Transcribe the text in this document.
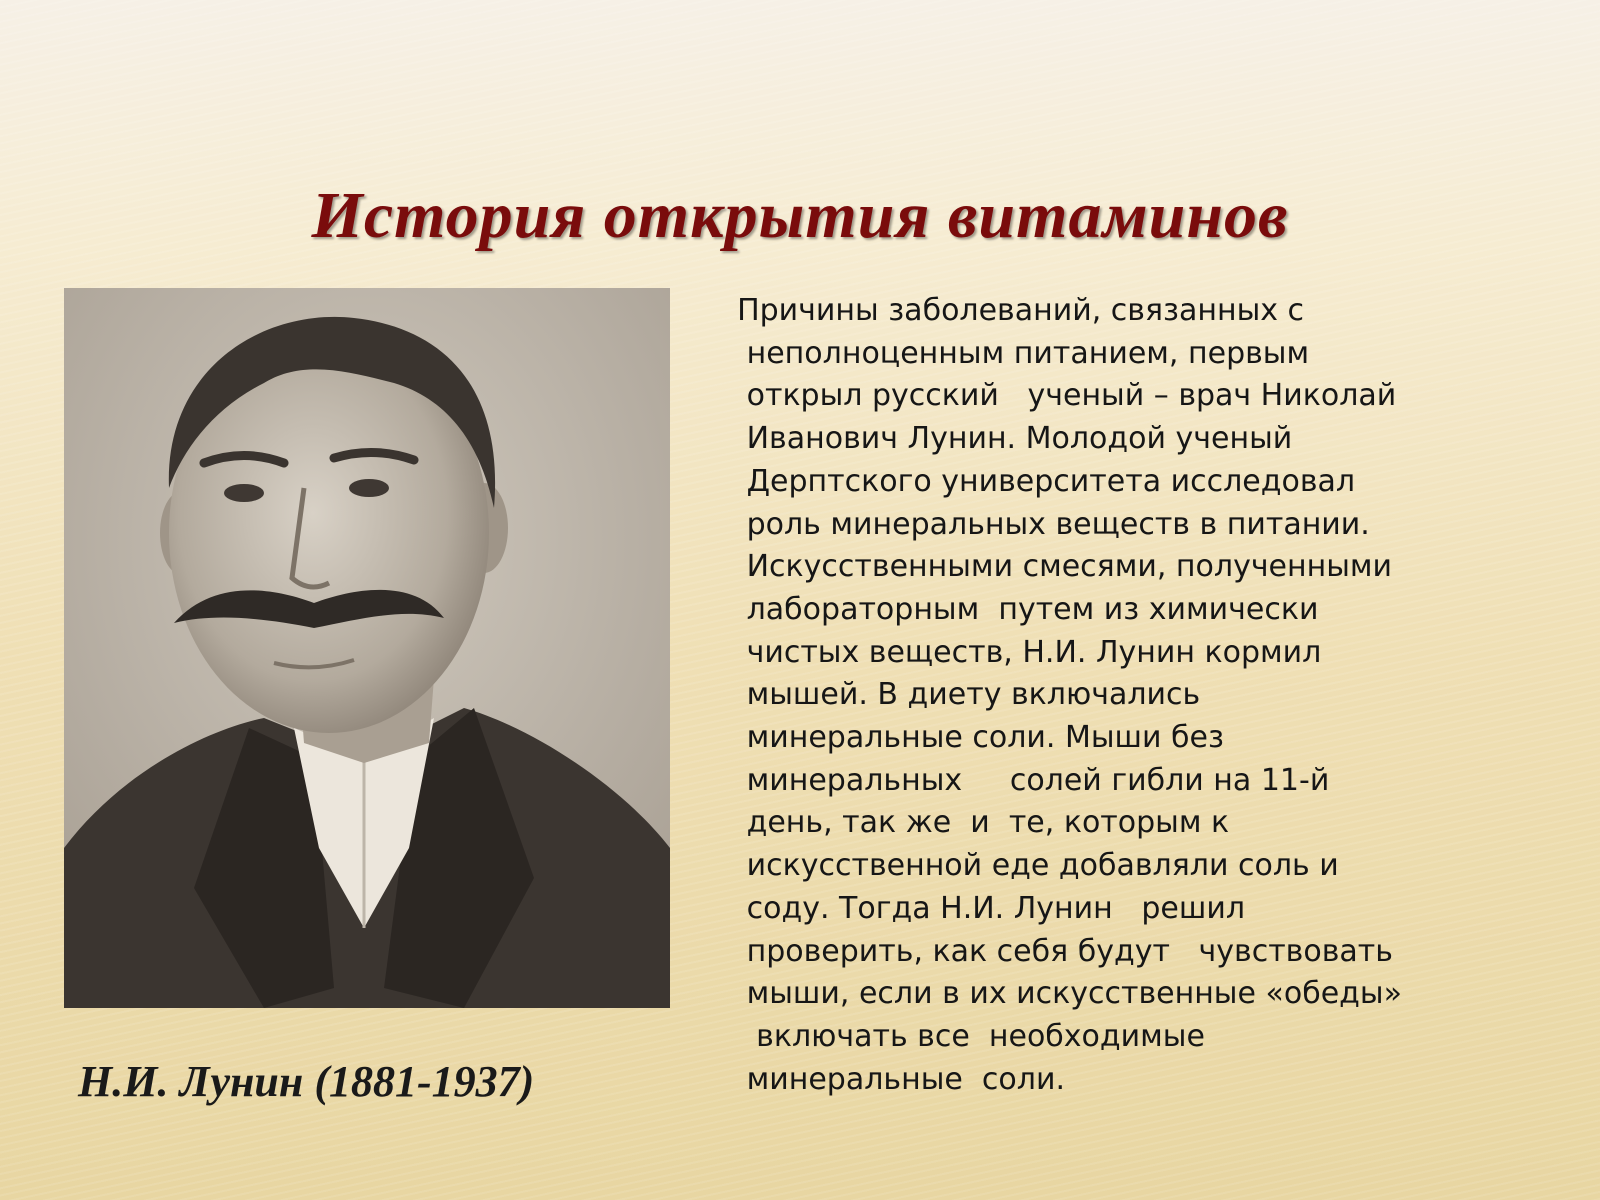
История открытия витаминов
Н.И. Лунин (1881-1937)
Причины заболеваний, связанных с
неполноценным питанием, первым
открыл русский   ученый – врач Николай
Иванович Лунин. Молодой ученый
Дерптского университета исследовал
роль минеральных веществ в питании.
Искусственными смесями, полученными
лабораторным  путем из химически
чистых веществ, Н.И. Лунин кормил
мышей. В диету включались
минеральные соли. Мыши без
минеральных     солей гибли на 11-й
день, так же  и  те, которым к
искусственной еде добавляли соль и
соду. Тогда Н.И. Лунин   решил
проверить, как себя будут   чувствовать
мыши, если в их искусственные «обеды»
включать все  необходимые
минеральные  соли.
